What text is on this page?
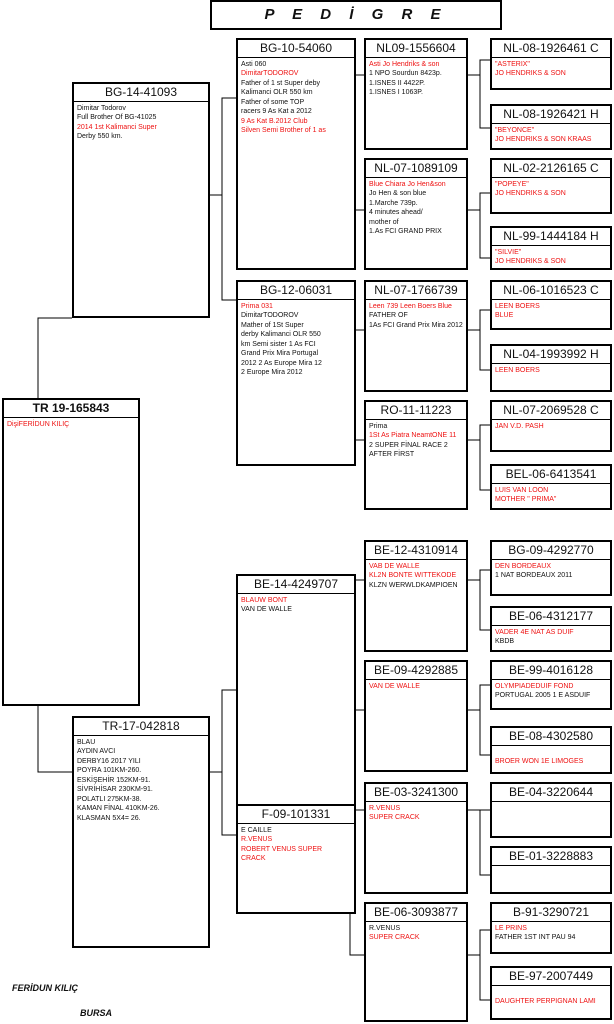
P E D İ G R E
TR 19-165843
DişiFERİDUN KILIÇ
BG-14-41093
Dimitar Todorov
Full Brother Of BG-41025
2014 1st Kalimanci Super
Derby 550 km.
TR-17-042818
BLAU
AYDIN AVCI
DERBY16 2017 YILI
POYRA 101KM-260.
ESKİŞEHİR 152KM-91.
SİVRİHİSAR 230KM-91.
POLATLI 275KM-38.
KAMAN FİNAL 410KM-26.
KLASMAN 5X4= 26.
BG-10-54060
Asti 060
DimitarTODOROV
Father of 1 st Super deby
Kalimanci OLR 550 km
Father of some TOP
racers 9 As Kat a 2012
9 As Kat B.2012 Club
Silven Semi Brother of 1 as
BG-12-06031
Prima 031
DimitarTODOROV
Mather of 1St Super
derby Kalimanci OLR 550
km Semi sister 1 As FCI
Grand Prix Mira Portugal
2012 2 As Europe Mira 12
2 Europe Mira 2012
BE-14-4249707
BLAUW BONT
VAN DE WALLE
F-09-101331
E CAILLE
R.VENUS
ROBERT VENUS SUPER
CRACK
NL09-1556604
Asti Jo Hendriks & son
1 NPO Sourdun 8423p.
1.ISNES II 4422P.
1.ISNES I 1063P.
NL-07-1089109
Blue Chiara Jo Hen&son
Jo Hen & son blue
1.Marche 739p.
4 minutes ahead/
mother of
1.As FCI GRAND PRIX
NL-07-1766739
Leen 739 Leen Boers Blue
FATHER OF
1As FCI Grand Prix Mira 2012
RO-11-11223
Prima
1St As Piatra NeamtONE 11
2 SUPER FİNAL RACE 2
AFTER FİRST
BE-12-4310914
VAB DE WALLE
KL2N BONTE WITTEKODE
KLZN WERWLDKAMPIOEN
BE-09-4292885
VAN DE WALLE
BE-03-3241300
R.VENUS
SUPER CRACK
BE-06-3093877
R.VENUS
SUPER CRACK
NL-08-1926461 C
"ASTERIX"
JO HENDRIKS & SON
NL-08-1926421 H
"BEYONCE"
JO HENDRIKS & SON KRAAS
NL-02-2126165 C
"POPEYE"
JO HENDRIKS & SON
NL-99-1444184 H
"SILVIE"
JO HENDRIKS & SON
NL-06-1016523 C
LEEN BOERS
BLUE
NL-04-1993992 H
LEEN BOERS
NL-07-2069528 C
JAN V.D. PASH
BEL-06-6413541
LUIS VAN LOON
MOTHER " PRIMA"
BG-09-4292770
DEN BORDEAUX
1 NAT BORDEAUX 2011
BE-06-4312177
VADER 4E NAT AS DUIF
KBDB
BE-99-4016128
OLYMPIADEDUIF FOND
PORTUGAL 2005 1 E ASDUIF
BE-08-4302580

BROER WON 1E LIMOGES
BE-04-3220644
BE-01-3228883
B-91-3290721
LE PRINS
FATHER 1ST INT PAU 94
BE-97-2007449

DAUGHTER PERPIGNAN LAMI
FERİDUN KILIÇ
BURSA
